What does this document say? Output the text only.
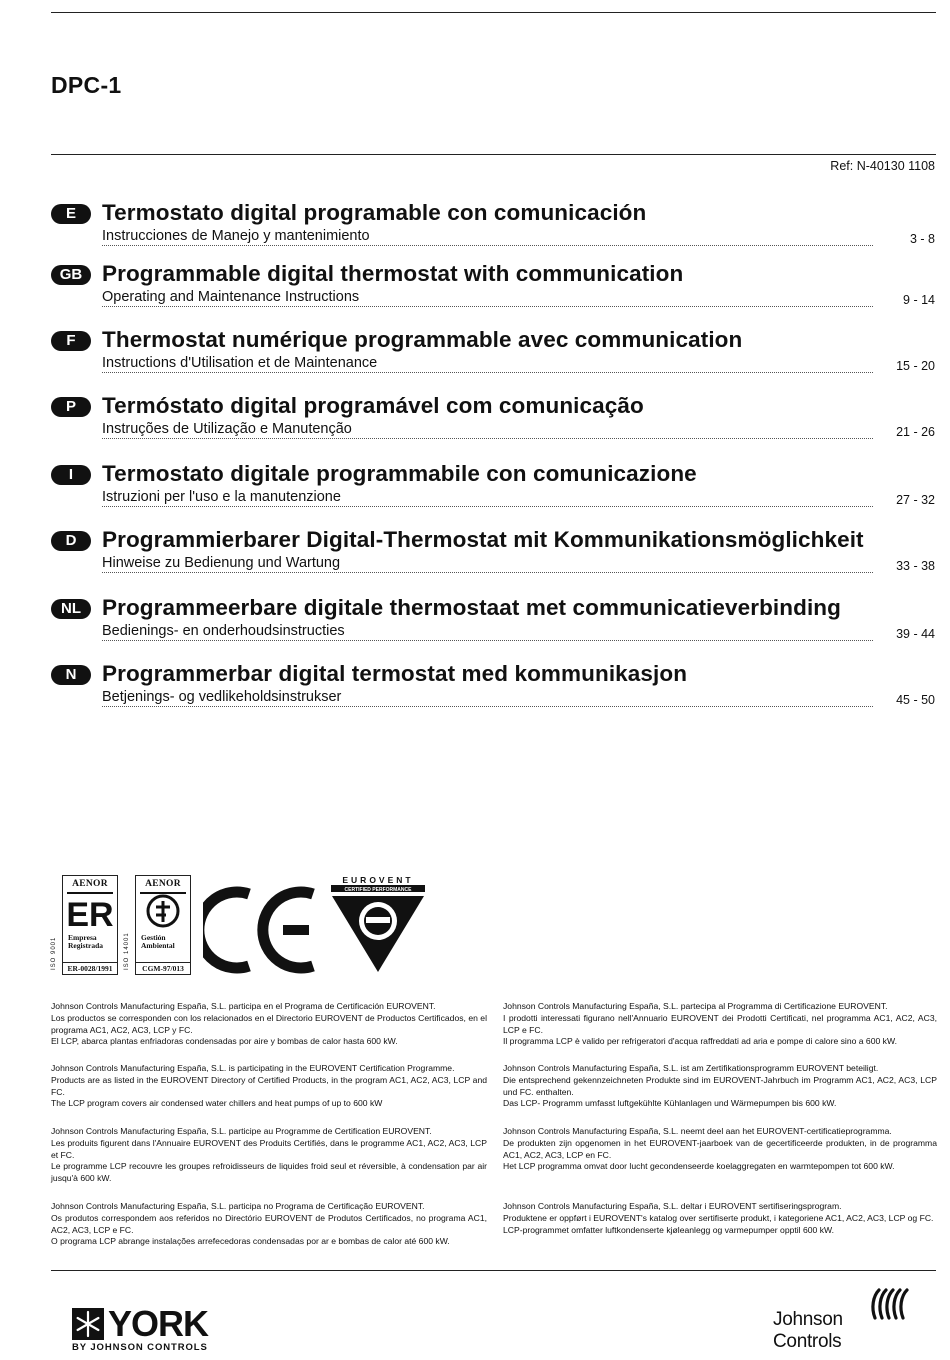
DPC-1
Ref: N-40130 1108
E	Termostato digital programable con comunicación
Instrucciones de Manejo y mantenimiento	3 - 8
GB Programmable digital thermostat with communication
Operating and Maintenance Instructions	9 - 14
F	Thermostat numérique programmable avec communication
Instructions d'Utilisation et de Maintenance	15 - 20
P	Termóstato digital programável com comunicação
Instruções de Utilização e Manutenção	21 - 26
I	Termostato digitale programmabile con comunicazione
Istruzioni per l'uso e la manutenzione	27 - 32
D	Programmierbarer Digital-Thermostat mit Kommunikationsmöglichkeit
Hinweise zu Bedienung und Wartung	33 - 38
NL Programmeerbare digitale thermostaat met communicatieverbinding
Bedienings- en onderhoudsinstructies	39 - 44
N	Programmerbar digital termostat med kommunikasjon
Betjenings- og vedlikeholdsinstrukser	45 - 50
ISO 9001
AENOR
ER
Empresa
Registrada
ER-0028/1991	ISO 14001
AENOR
Gestión
Ambiental
CGM-97/013
EUROVENT
CERTIFIED PERFORMANCE

Johnson Controls Manufacturing España, S.L. participa en el Programa de Certificación EUROVENT.

Los productos se corresponden con los relacionados en el Directorio EUROVENT de Productos Certificados, en el programa AC1, AC2, AC3, LCP y FC.

El LCP, abarca plantas enfriadoras condensadas por aire y bombas de calor hasta 600 kW.

Johnson Controls Manufacturing España, S.L. is participating in the EUROVENT Certification Programme.

Products are as listed in the EUROVENT Directory of Certified Products, in the program AC1, AC2, AC3, LCP and FC.

The LCP program covers air condensed water chillers and heat pumps of up to 600 kW

Johnson Controls Manufacturing España, S.L. participe au Programme de Certification EUROVENT.

Les produits figurent dans l'Annuaire EUROVENT des Produits Certifiés, dans le programme AC1, AC2, AC3, LCP et FC.

Le programme LCP recouvre les groupes refroidisseurs de liquides froid seul et réversible, à condensation par air jusqu'à 600 kW.

Johnson Controls Manufacturing España, S.L. participa no Programa de Certificação EUROVENT.

Os produtos correspondem aos referidos no Directório EUROVENT de Produtos Certificados, no programa AC1, AC2, AC3, LCP e FC.

O programa LCP abrange instalações arrefecedoras condensadas por ar e bombas de calor até 600 kW.

Johnson Controls Manufacturing España, S.L. partecipa al Programma di Certificazione EUROVENT.

I prodotti interessati figurano nell'Annuario EUROVENT dei Prodotti Certificati, nel programma AC1, AC2, AC3, LCP e FC.

Il programma LCP è valido per refrigeratori d'acqua raffreddati ad aria e pompe di calore sino a 600 kW.

Johnson Controls Manufacturing España, S.L. ist am Zertifikationsprogramm EUROVENT beteiligt.

Die entsprechend gekennzeichneten Produkte sind im EUROVENT-Jahrbuch im Programm AC1, AC2, AC3, LCP und FC. enthalten.

Das LCP- Programm umfasst luftgekühlte Kühlanlagen und Wärmepumpen bis 600 kW.

Johnson Controls Manufacturing España, S.L. neemt deel aan het EUROVENT-certificatieprogramma.

De produkten zijn opgenomen in het EUROVENT-jaarboek van de gecertificeerde produkten, in de programma AC1, AC2, AC3, LCP en FC.

Het LCP programma omvat door lucht gecondenseerde koelaggregaten en warmtepompen tot 600 kW.

Johnson Controls Manufacturing España, S.L. deltar i EUROVENT sertifiseringsprogram.

Produktene er oppført i EUROVENT's katalog over sertifiserte produkt, i kategoriene AC1, AC2, AC3, LCP og FC.

LCP-programmet omfatter luftkondenserte kjøleanlegg og varmepumper opptil 600 kW.

YORK
BY JOHNSON CONTROLS
Johnson
Controls
